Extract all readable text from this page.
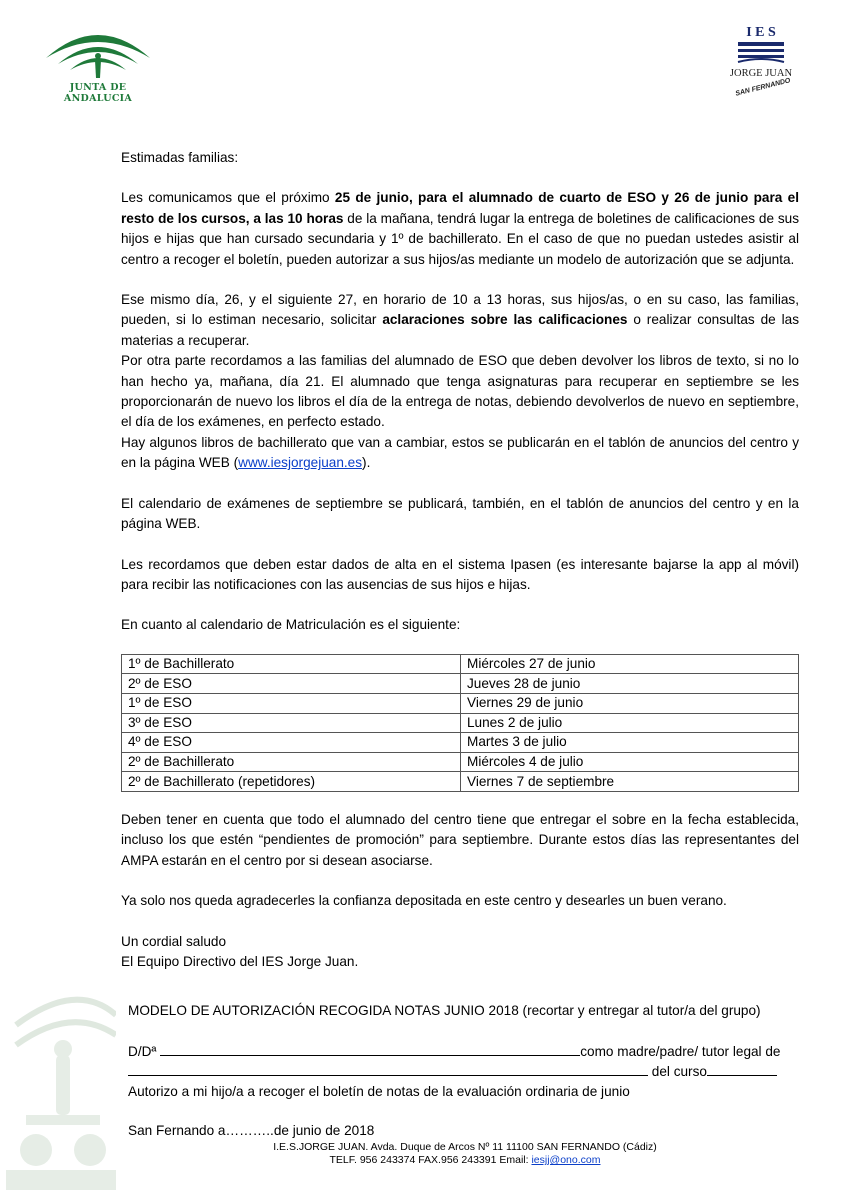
JUNTA DE ANDALUCIA
I E S
JORGE JUAN
SAN FERNANDO

Estimadas familias:

Les comunicamos que el próximo 25 de junio, para el alumnado de cuarto de ESO y 26 de junio para el resto de los cursos, a las 10 horas de la mañana, tendrá lugar la entrega de boletines de calificaciones de sus hijos e hijas que han cursado secundaria y 1º de bachillerato. En el caso de que no puedan ustedes asistir al centro a recoger el boletín, pueden autorizar a sus hijos/as mediante un modelo de autorización que se adjunta.

Ese mismo día, 26, y el siguiente 27, en horario de 10 a 13 horas, sus hijos/as, o en su caso, las familias, pueden, si lo estiman necesario, solicitar aclaraciones sobre las calificaciones o realizar consultas de las materias a recuperar.

Por otra parte recordamos a las familias del alumnado de ESO que deben devolver los libros de texto, si no lo han hecho ya, mañana, día 21. El alumnado que tenga asignaturas para recuperar en septiembre se les proporcionarán de nuevo los libros el día de la entrega de notas, debiendo devolverlos de nuevo en septiembre, el día de los exámenes, en perfecto estado.

Hay algunos libros de bachillerato que van a cambiar, estos se publicarán en el tablón de anuncios del centro y en la página WEB (www.iesjorgejuan.es).

El calendario de exámenes de septiembre se publicará, también, en el tablón de anuncios del centro y en la página WEB.

Les recordamos que deben estar dados de alta en el sistema Ipasen (es interesante bajarse la app al móvil) para recibir las notificaciones con las ausencias de sus hijos e hijas.

En cuanto al calendario de Matriculación es el siguiente:

1º de Bachillerato	Miércoles 27 de junio
2º de ESO	Jueves 28 de junio
1º de ESO	Viernes 29 de junio
3º de ESO	Lunes 2 de julio
4º de ESO	Martes 3 de julio
2º de Bachillerato	Miércoles 4 de julio
2º de Bachillerato (repetidores)	Viernes 7 de septiembre

Deben tener en cuenta que todo el alumnado del centro tiene que entregar el sobre en la fecha establecida, incluso los que estén “pendientes de promoción” para septiembre. Durante estos días las representantes del AMPA estarán en el centro por si desean asociarse.

Ya solo nos queda agradecerles la confianza depositada en este centro y desearles un buen verano.

Un cordial saludo

El Equipo Directivo del IES Jorge Juan.

MODELO DE AUTORIZACIÓN RECOGIDA NOTAS JUNIO 2018 (recortar y entregar al tutor/a del grupo)
D/Dª	como madre/padre/ tutor legal de
del curso
Autorizo a mi hijo/a a recoger el boletín de notas de la evaluación ordinaria de junio
San Fernando a………..de junio de 2018
I.E.S.JORGE JUAN. Avda. Duque de Arcos Nº 11 11100 SAN FERNANDO (Cádiz)
TELF. 956 243374 FAX.956 243391 Email: iesjj@ono.com
